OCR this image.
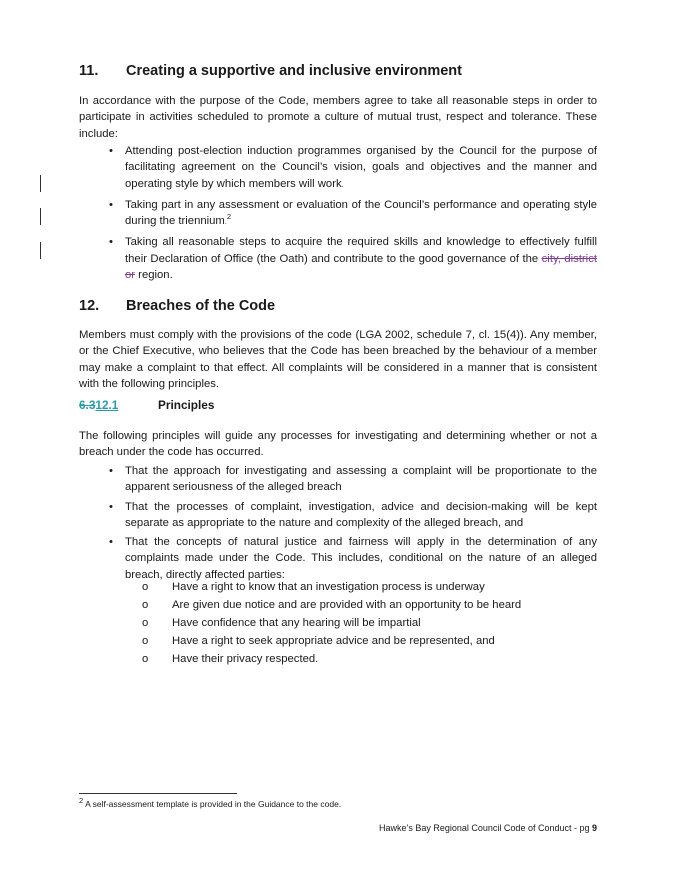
11. Creating a supportive and inclusive environment

In accordance with the purpose of the Code, members agree to take all reasonable steps in order to participate in activities scheduled to promote a culture of mutual trust, respect and tolerance. These include:

• Attending post-election induction programmes organised by the Council for the purpose of facilitating agreement on the Council’s vision, goals and objectives and the manner and operating style by which members will work.
• Taking part in any assessment or evaluation of the Council’s performance and operating style during the triennium.$^2$
• Taking all reasonable steps to acquire the required skills and knowledge to effectively fulfill their Declaration of Office (the Oath) and contribute to the good governance of the city, district or region.
12. Breaches of the Code

Members must comply with the provisions of the code (LGA 2002, schedule 7, cl. 15(4)). Any member, or the Chief Executive, who believes that the Code has been breached by the behaviour of a member may make a complaint to that effect. All complaints will be considered in a manner that is consistent with the following principles.

6.312.1	Principles

The following principles will guide any processes for investigating and determining whether or not a breach under the code has occurred.

• That the approach for investigating and assessing a complaint will be proportionate to the apparent seriousness of the alleged breach
• That the processes of complaint, investigation, advice and decision-making will be kept separate as appropriate to the nature and complexity of the alleged breach, and
• That the concepts of natural justice and fairness will apply in the determination of any complaints made under the Code. This includes, conditional on the nature of an alleged breach, directly affected parties:
o Have a right to know that an investigation process is underway
o Are given due notice and are provided with an opportunity to be heard
o Have confidence that any hearing will be impartial
o Have a right to seek appropriate advice and be represented, and
o Have their privacy respected.

$^2$ A self-assessment template is provided in the Guidance to the code.

Hawke’s Bay Regional Council Code of Conduct - pg 9
